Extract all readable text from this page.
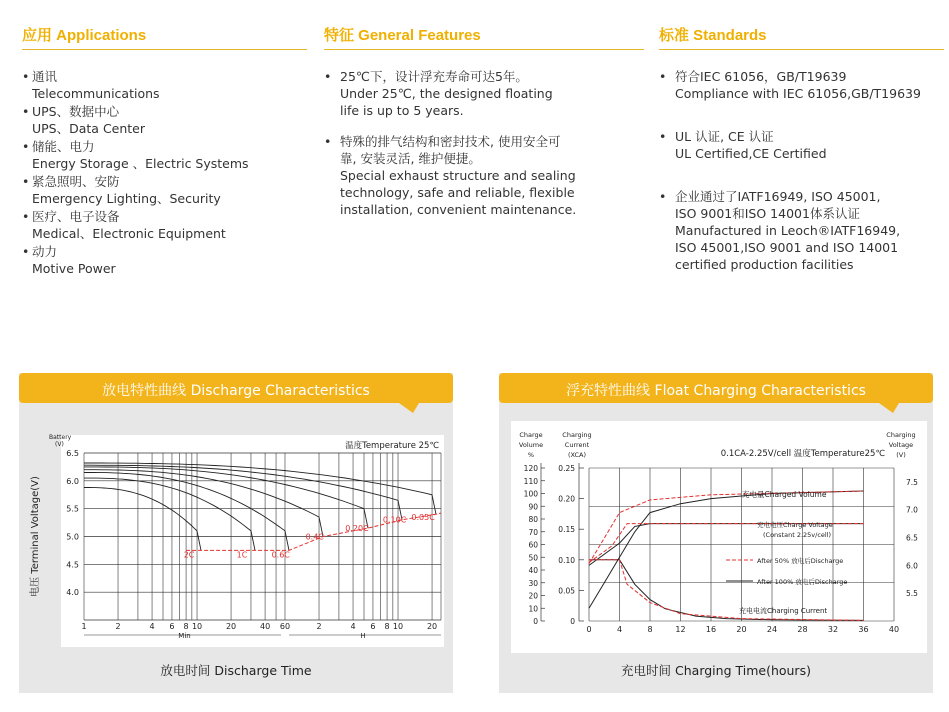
应用 Applications
• 通讯
Telecommunications
• UPS、数据中心
UPS、Data Center
• 储能、电力
Energy Storage 、Electric Systems
• 紧急照明、安防
Emergency Lighting、Security
• 医疗、电子设备
Medical、Electronic Equipment
• 动力
Motive Power
特征 General Features
• 25℃下，设计浮充寿命可达5年。
Under 25℃, the designed floating
life is up to 5 years.
• 特殊的排气结构和密封技术, 使用安全可
靠, 安装灵活, 维护便捷。
Special exhaust structure and sealing
technology, safe and reliable, flexible
installation, convenient maintenance.
标准 Standards
• 符合IEC 61056，GB/T19639
Compliance with IEC 61056,GB/T19639
• UL 认证, CE 认证
UL Certified,CE Certified
• 企业通过了IATF16949, ISO 45001,
ISO 9001和ISO 14001体系认证
Manufactured in Leoch®IATF16949,
ISO 45001,ISO 9001 and ISO 14001
certified production facilities
放电特性曲线 Discharge Characteristics
6.5
6.0
5.5
5.0
4.5
4.0
1	2	4 6 8 10	20	40 60	2	4 6 8 10	20
Min	H
电压 Terminal Voltage(V)
Battery
(V)	温度Temperature 25℃
2C	1C	0.6C
0.4C
0.20C
0.10C 0.05C
放电时间 Discharge Time
浮充特性曲线 Float Charging Characteristics
0	4	8	12	16	20	24	28	32	36	40
120
110
100
90
80
70
60
50
40
30
20
10
0
0.25
0.20
0.15
0.10
0.05
0
7.5
7.0
6.5
6.0
5.5
Charge
Volume
%
Charging
Current
(XCA)
Charging
Voltage
(V)
0.1CA-2.25V/cell 温度Temperature25℃
充电量Charged Volume
充电电压Charge Voltage
(Constant 2.25v/cell)
充电电流Charging Current
After 50% 放电后Discharge
After 100% 放电后Discharge
充电时间 Charging Time(hours)
